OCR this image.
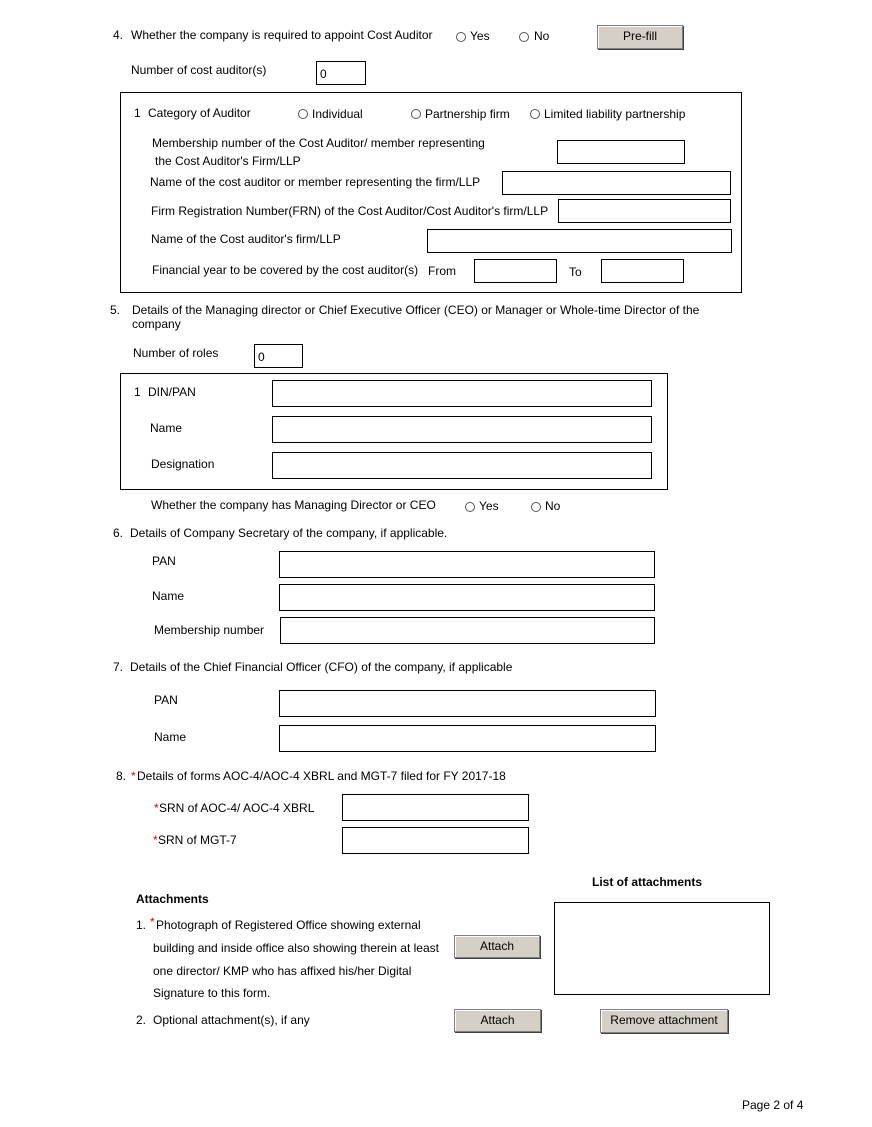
4. Whether the company is required to appoint Cost Auditor	Yes	No	Pre-fill
Number of cost auditor(s)	0
1 Category of Auditor	Individual	Partnership firm	Limited liability partnership
Membership number of the Cost Auditor/ member representing
the Cost Auditor's Firm/LLP
Name of the cost auditor or member representing the firm/LLP
Firm Registration Number(FRN) of the Cost Auditor/Cost Auditor's firm/LLP
Name of the Cost auditor's firm/LLP
Financial year to be covered by the cost auditor(s) From	To
5. Details of the Managing director or Chief Executive Officer (CEO) or Manager or Whole-time Director of the
company
Number of roles	0
1 DIN/PAN
Name
Designation
Whether the company has Managing Director or CEO	Yes	No
6. Details of Company Secretary of the company, if applicable.
PAN
Name
Membership number
7. Details of the Chief Financial Officer (CFO) of the company, if applicable
PAN
Name
8. * Details of forms AOC-4/AOC-4 XBRL and MGT-7 filed for FY 2017-18
* SRN of AOC-4/ AOC-4 XBRL
* SRN of MGT-7
List of attachments
Attachments
1. * Photograph of Registered Office showing external
building and inside office also showing therein at least
one director/ KMP who has affixed his/her Digital
Signature to this form.
Attach
2. Optional attachment(s), if any	Attach	Remove attachment
Page 2 of 4
